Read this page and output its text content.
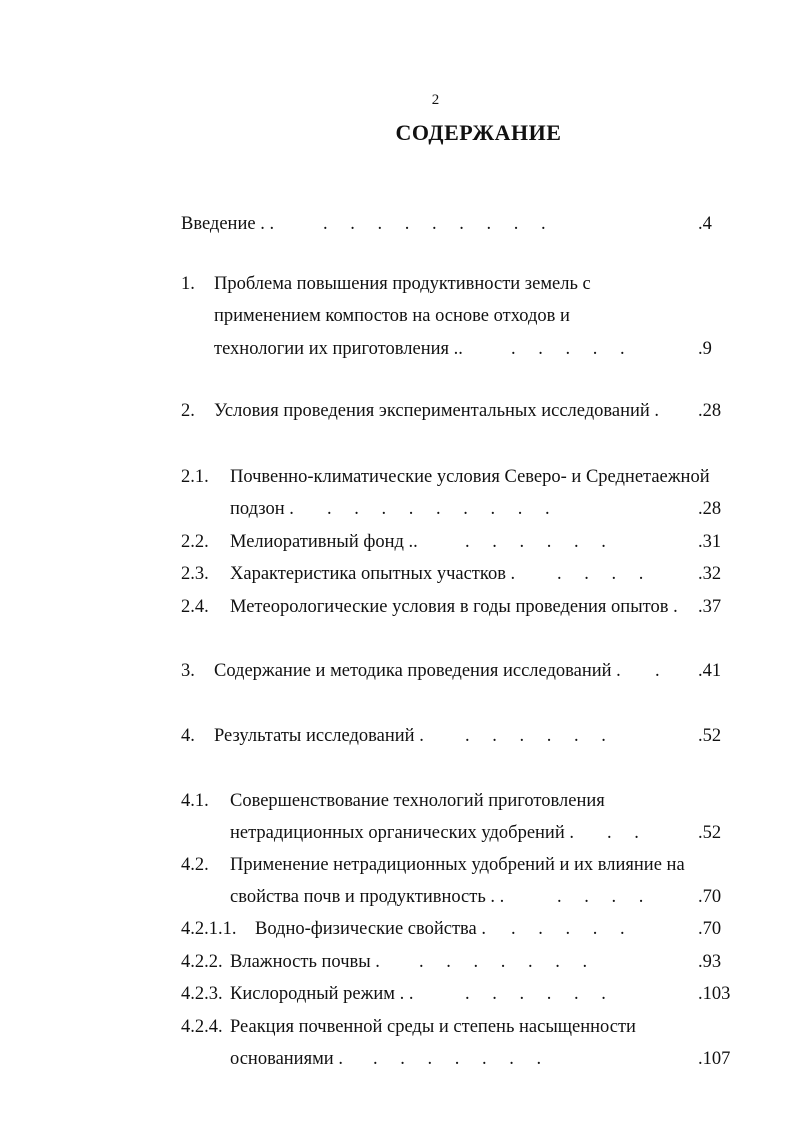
2
СОДЕРЖАНИЕ
Введение . .	. . . . . . . . .	.4
1. Проблема повышения продуктивности земель с
применением компостов на основе отходов и
технологии их приготовления ..	. . . . .	.9
2. Условия проведения экспериментальных исследований . .28
2.1. Почвенно-климатические условия Северо- и Среднетаежной
подзон . . . . . . . . . .	.28
2.2. Мелиоративный фонд ..	. . . . . .	.31
2.3. Характеристика опытных участков . . . . .	.32
2.4. Метеорологические условия в годы проведения опытов . .37
3. Содержание и методика проведения исследований . . .41
4. Результаты исследований . . . . . . .	.52
4.1. Совершенствование технологий приготовления
нетрадиционных органических удобрений . . .	.52
4.2. Применение нетрадиционных удобрений и их влияние на
свойства почв и продуктивность . .	. . . .	.70
4.2.1.1. Водно-физические свойства . . . . . .	.70
4.2.2. Влажность почвы . . . . . . . .	.93
4.2.3. Кислородный режим . .	. . . . . .	.103
4.2.4. Реакция почвенной среды и степень насыщенности
основаниями . . . . . . . .	.107
